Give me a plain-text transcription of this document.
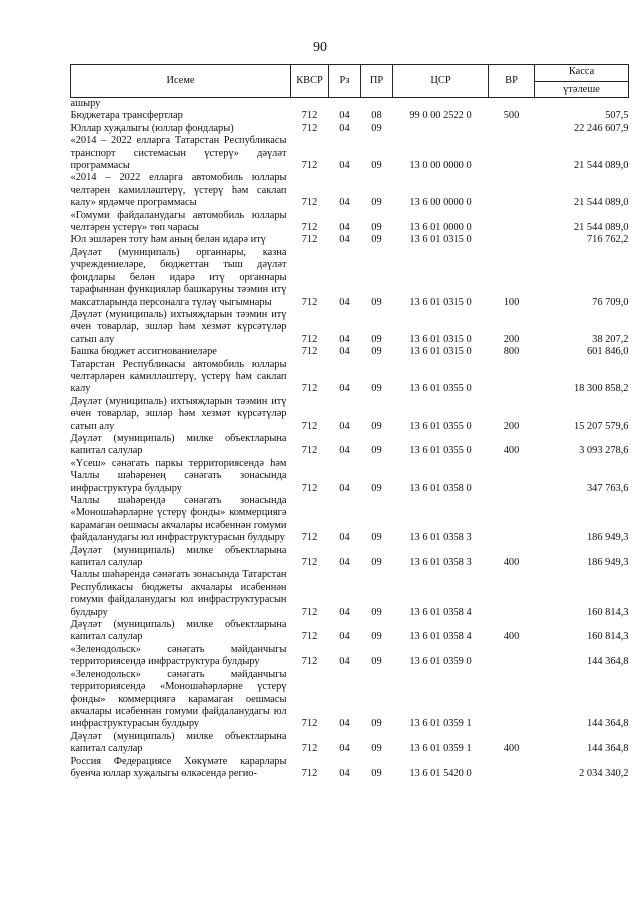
90
Исеме	КВСР	Рз	ПР	ЦСР	ВР	Касса
үтәлеше

ашыру						
Бюджетара трансфертлар	712	04	08	99 0 00 2522 0	500	507,5
Юллар хуҗалыгы (юллар фондлары)	712	04	09			22 246 607,9
«2014 – 2022 елларга Татарстан Республикасы транспорт системасын үстерү» дәүләт программасы	712	04	09	13 0 00 0000 0		21 544 089,0
«2014 – 2022 елларга автомобиль юллары челтәрен камилләштерү, үстерү һәм саклап калу» ярдәмче программасы	712	04	09	13 6 00 0000 0		21 544 089,0
«Гомуми файдаланудагы автомобиль юллары челтәрен үстерү» төп чарасы	712	04	09	13 6 01 0000 0		21 544 089,0
Юл эшләрен тоту һәм аның белән идарә итү	712	04	09	13 6 01 0315 0		716 762,2
Дәүләт (муниципаль) органнары, казна учреждениеләре, бюджеттан тыш дәүләт фондлары белән идарә итү органнары тарафыннан функцияләр башкаруны тәэмин итү максатларында персоналга түләү чыгымнары	712	04	09	13 6 01 0315 0	100	76 709,0
Дәүләт (муниципаль) ихтыяҗларын тәэмин итү өчен товарлар, эшләр һәм хезмәт күрсәтүләр сатып алу	712	04	09	13 6 01 0315 0	200	38 207,2
Башка бюджет ассигнованиеләре	712	04	09	13 6 01 0315 0	800	601 846,0
Татарстан Республикасы автомобиль юллары челтәрләрен камилләштерү, үстерү һәм саклап калу	712	04	09	13 6 01 0355 0		18 300 858,2
Дәүләт (муниципаль) ихтыяҗларын тәэмин итү өчен товарлар, эшләр һәм хезмәт күрсәтүләр сатып алу	712	04	09	13 6 01 0355 0	200	15 207 579,6
Дәүләт (муниципаль) милке объектларына капитал салулар	712	04	09	13 6 01 0355 0	400	3 093 278,6
«Үсеш» сәнәгать паркы территориясендә һәм Чаллы шәһәренең сәнәгать зонасында инфраструктура булдыру	712	04	09	13 6 01 0358 0		347 763,6
Чаллы шәһәрендә сәнәгать зонасында «Моношәһәрләрне үстерү фонды» коммерциягә карамаган оешмасы акчалары исәбеннән гомуми файдаланудагы юл инфраструктурасын булдыру	712	04	09	13 6 01 0358 3		186 949,3
Дәүләт (муниципаль) милке объектларына капитал салулар	712	04	09	13 6 01 0358 3	400	186 949,3
Чаллы шәһәрендә сәнәгать зонасында Татарстан Республикасы бюджеты акчалары исәбеннән гомуми файдаланудагы юл инфраструктурасын булдыру	712	04	09	13 6 01 0358 4		160 814,3
Дәүләт (муниципаль) милке объектларына капитал салулар	712	04	09	13 6 01 0358 4	400	160 814,3
«Зеленодольск» сәнәгать мәйданчыгы территориясендә инфраструктура булдыру	712	04	09	13 6 01 0359 0		144 364,8
«Зеленодольск» сәнәгать мәйданчыгы территориясендә «Моношәһәрләрне үстерү фонды» коммерциягә карамаган оешмасы акчалары исәбеннән гомуми файдаланудагы юл инфраструктурасын булдыру	712	04	09	13 6 01 0359 1		144 364,8
Дәүләт (муниципаль) милке объектларына капитал салулар	712	04	09	13 6 01 0359 1	400	144 364,8
Россия Федерациясе Хөкүмәте карарлары буенча юллар хуҗалыгы өлкәсендә регио-	712	04	09	13 6 01 5420 0		2 034 340,2
